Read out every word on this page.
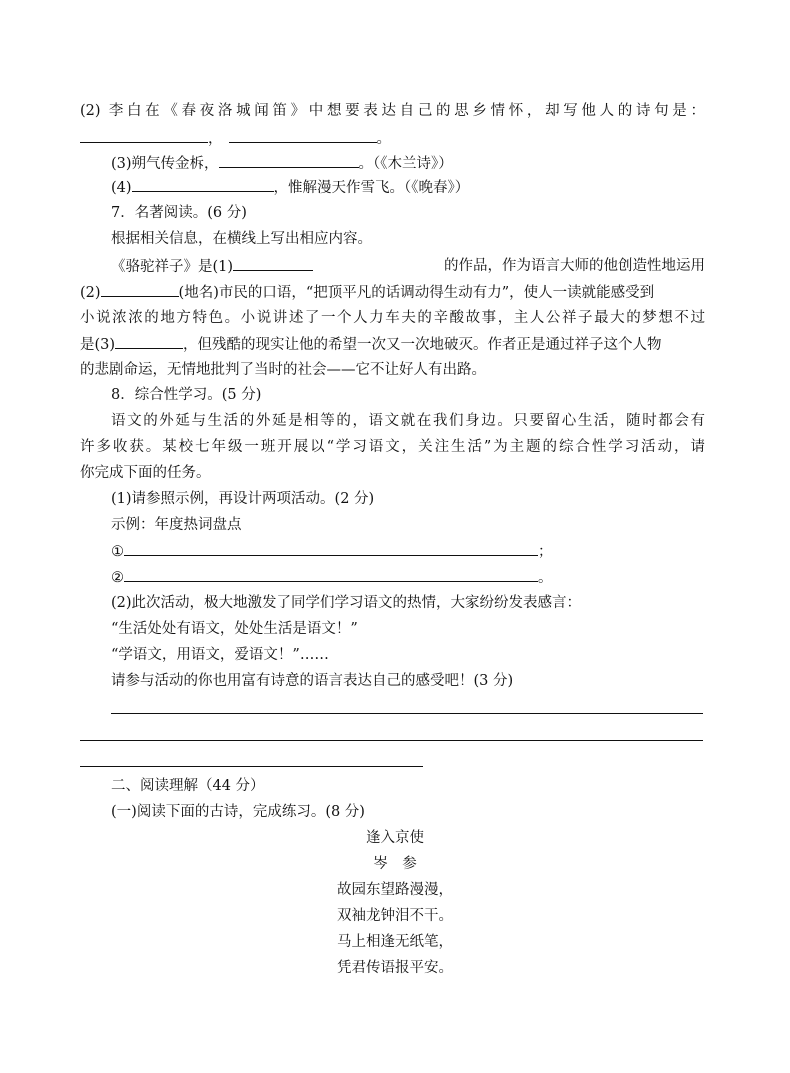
(2) 李白在《春夜洛城闻笛》中想要表达自己的思乡情怀，却写他人的诗句是：
，	。
(3)朔气传金柝，	。（《木兰诗》）
(4)	，惟解漫天作雪飞。（《晚春》）
7．名著阅读。(6 分)
根据相关信息，在横线上写出相应内容。
《骆驼祥子》是(1)	的作品，作为语言大师的他创造性地运用
(2)	(地名)市民的口语，“把顶平凡的话调动得生动有力”，使人一读就能感受到
小说浓浓的地方特色。小说讲述了一个人力车夫的辛酸故事，主人公祥子最大的梦想不过
是(3)	，但残酷的现实让他的希望一次又一次地破灭。作者正是通过祥子这个人物
的悲剧命运，无情地批判了当时的社会——它不让好人有出路。
8．综合性学习。(5 分)
语文的外延与生活的外延是相等的，语文就在我们身边。只要留心生活，随时都会有
许多收获。某校七年级一班开展以“学习语文，关注生活”为主题的综合性学习活动，请
你完成下面的任务。
(1)请参照示例，再设计两项活动。(2 分)
示例：年度热词盘点
①	；
②	。
(2)此次活动，极大地激发了同学们学习语文的热情，大家纷纷发表感言：
“生活处处有语文，处处生活是语文！”
“学语文，用语文，爱语文！”……
请参与活动的你也用富有诗意的语言表达自己的感受吧！(3 分)
二、阅读理解（44 分）
(一)阅读下面的古诗，完成练习。(8 分)
逢入京使
岑　参
故园东望路漫漫，
双袖龙钟泪不干。
马上相逢无纸笔，
凭君传语报平安。
